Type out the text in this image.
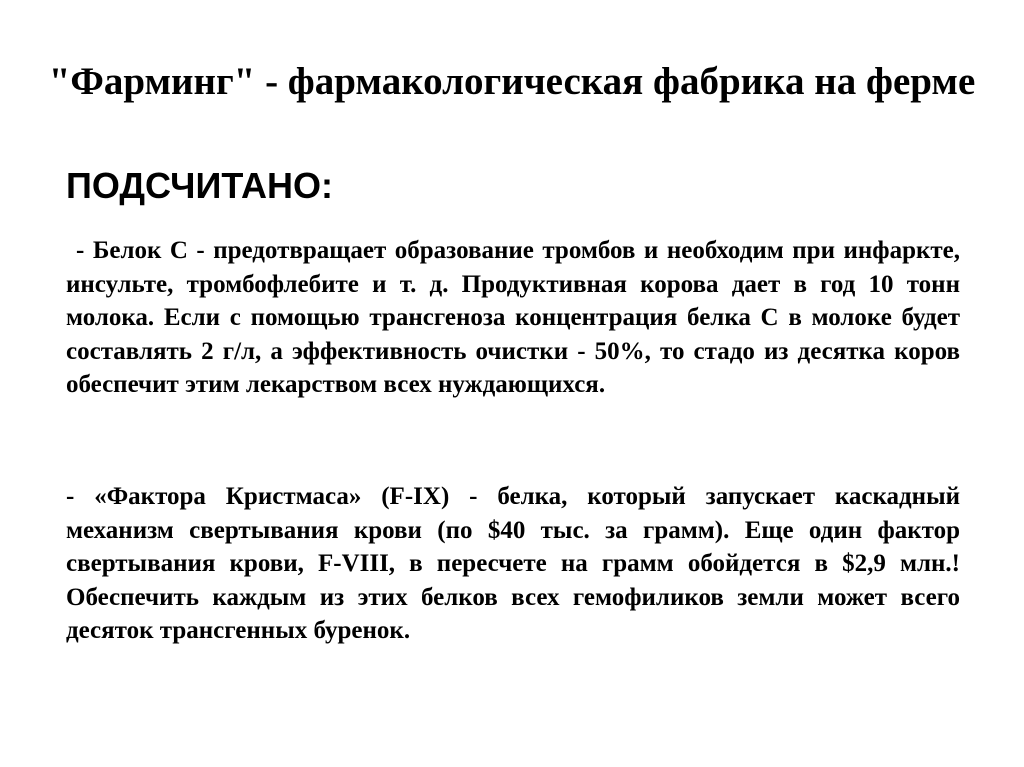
"Фарминг" - фармакологическая фабрика на ферме
ПОДСЧИТАНО:

- Белок С - предотвращает образование тромбов и необходим при инфаркте, инсульте, тромбофлебите и т. д. Продуктивная корова дает в год 10 тонн молока. Если с помощью трансгеноза концентрация белка С в молоке будет составлять 2 г/л, а эффективность очистки - 50%, то стадо из десятка коров обеспечит этим лекарством всех нуждающихся.

- «Фактора Кристмаса» (F-IX) - белка, который запускает каскадный механизм свертывания крови (по $40 тыс. за грамм). Еще один фактор свертывания крови, F-VIII, в пересчете на грамм обойдется в $2,9 млн.! Обеспечить каждым из этих белков всех гемофиликов земли может всего десяток трансгенных буренок.
